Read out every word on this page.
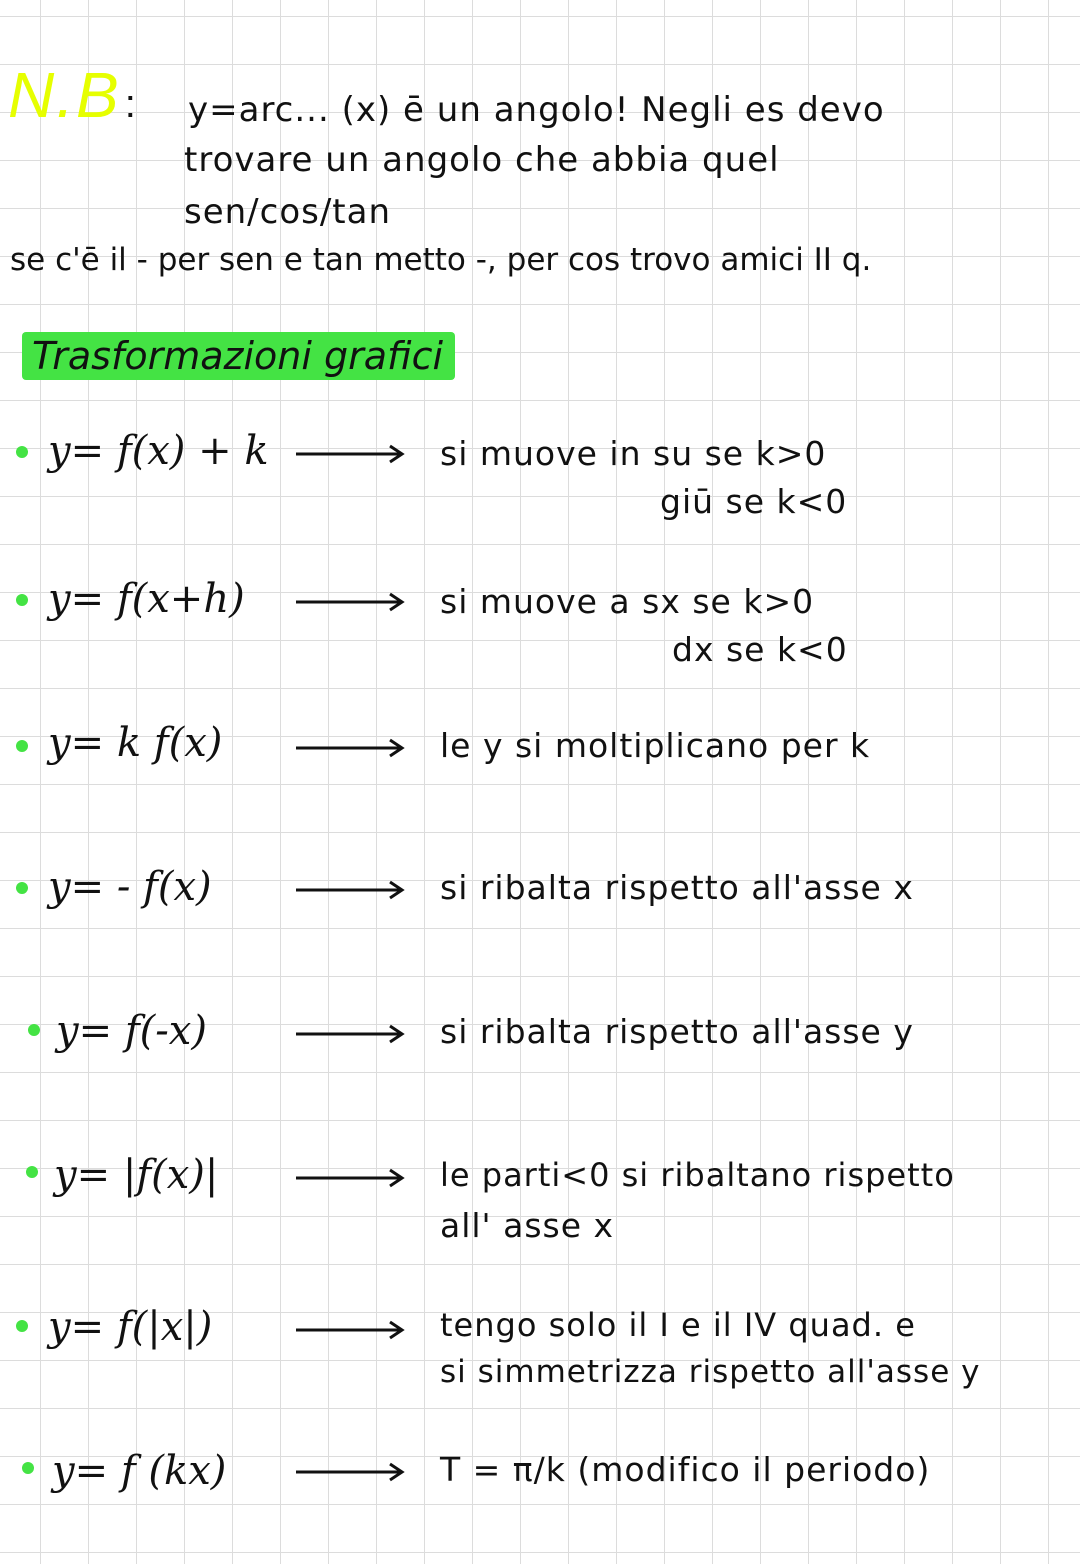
N.B : y=arc... (x) ē un angolo! Negli es devo
trovare un angolo che abbia quel
sen/cos/tan
se c'ē il - per sen e tan metto -, per cos trovo amici II q.
Trasformazioni grafici
y= f(x) + k	si muove in su se k>0
giū se k<0
y= f(x+h)	si muove a sx se k>0
dx se k<0
y= k f(x)	le y si moltiplicano per k
y= - f(x)	si ribalta rispetto all'asse x
y= f(-x)	si ribalta rispetto all'asse y
y= |f(x)|	le parti<0 si ribaltano rispetto
all' asse x
y= f(|x|)	tengo solo il I e il IV quad. e
si simmetrizza rispetto all'asse y
y= f (kx)	T = π/k (modifico il periodo)
